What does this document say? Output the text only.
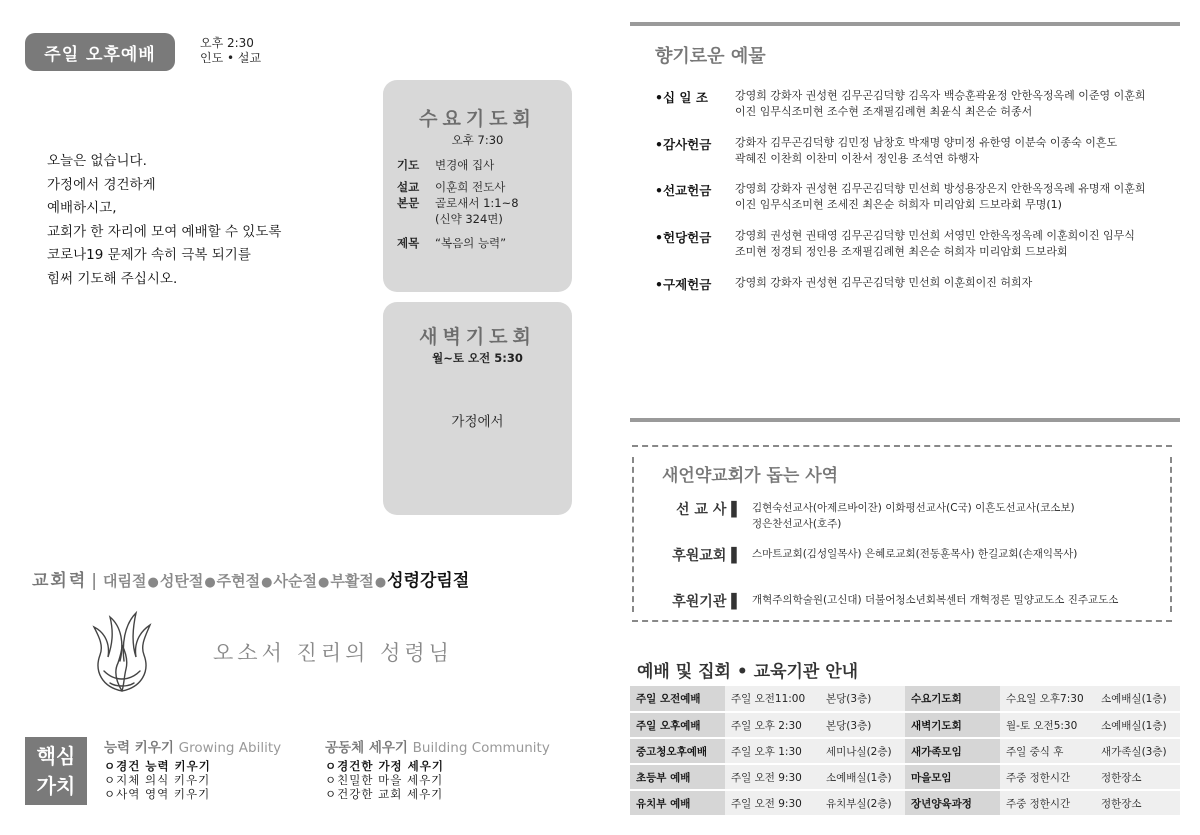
주일 오후예배
오후 2:30
인도 • 설교
오늘은 없습니다.
가정에서 경건하게
예배하시고,
교회가 한 자리에 모여 예배할 수 있도록
코로나19 문제가 속히 극복 되기를
힘써 기도해 주십시오.
수요기도회
오후 7:30
기도	변경애 집사
설교	이훈희 전도사
본문	골로새서 1:1~8
(신약 324면)
제목	“복음의 능력”
새벽기도회
월~토 오전 5:30
가정에서
교회력 | 대림절 ● 성탄절 ● 주현절 ● 사순절 ● 부활절 ● 성령강림절
오소서 진리의 성령님
핵심
가치
능력 키우기 Growing Ability
ㅇ경건 능력 키우기
ㅇ지체 의식 키우기
ㅇ사역 영역 키우기
공동체 세우기 Building Community
ㅇ경건한 가정 세우기
ㅇ친밀한 마을 세우기
ㅇ건강한 교회 세우기
향기로운 예물
•십 일 조	강영희 강화자 권성현 김무곤김덕향 김옥자 백승훈곽윤정 안한옥정옥례 이준영 이훈희
이진 임무식조미현 조수현 조재필김례현 최윤식 최은순 허종서
•감사헌금	강화자 김무곤김덕향 김민정 남창호 박재명 양미정 유한영 이분숙 이종숙 이흔도
곽혜진 이찬희 이찬미 이찬서 정인용 조석연 하행자
•선교헌금	강영희 강화자 권성현 김무곤김덕향 민선희 방성용장은지 안한옥정옥례 유명재 이훈희
이진 임무식조미현 조세진 최은순 허희자 미리암회 드보라회 무명(1)
•헌당헌금	강영희 권성현 권태영 김무곤김덕향 민선희 서영민 안한옥정옥례 이훈희이진 임무식
조미현 정경퇴 정인용 조재필김례현 최은순 허희자 미리암회 드보라회
•구제헌금	강영희 강화자 권성현 김무곤김덕향 민선희 이훈희이진 허희자
새언약교회가 돕는 사역
선 교 사 ▌ 김현숙선교사(아제르바이잔) 이화평선교사(C국) 이흔도선교사(코소보)
정은찬선교사(호주)
후원교회 ▌ 스마트교회(김성일목사) 은혜로교회(전동훈목사) 한길교회(손재익목사)
후원기관 ▌ 개혁주의학술원(고신대) 더불어청소년회복센터 개혁정론 밀양교도소 진주교도소
예배 및 집회 • 교육기관 안내
주일 오전예배	주일 오전11:00	본당(3층)	수요기도회	수요일 오후7:30	소예배실(1층)
주일 오후예배	주일 오후 2:30	본당(3층)	새벽기도회	월-토 오전5:30	소예배실(1층)
중고청오후예배	주일 오후 1:30	세미나실(2층)	새가족모임	주일 중식 후	새가족실(3층)
초등부 예배	주일 오전 9:30	소예배실(1층)	마을모임	주중 정한시간	정한장소
유치부 예배	주일 오전 9:30	유치부실(2층)	장년양육과정	주중 정한시간	정한장소
